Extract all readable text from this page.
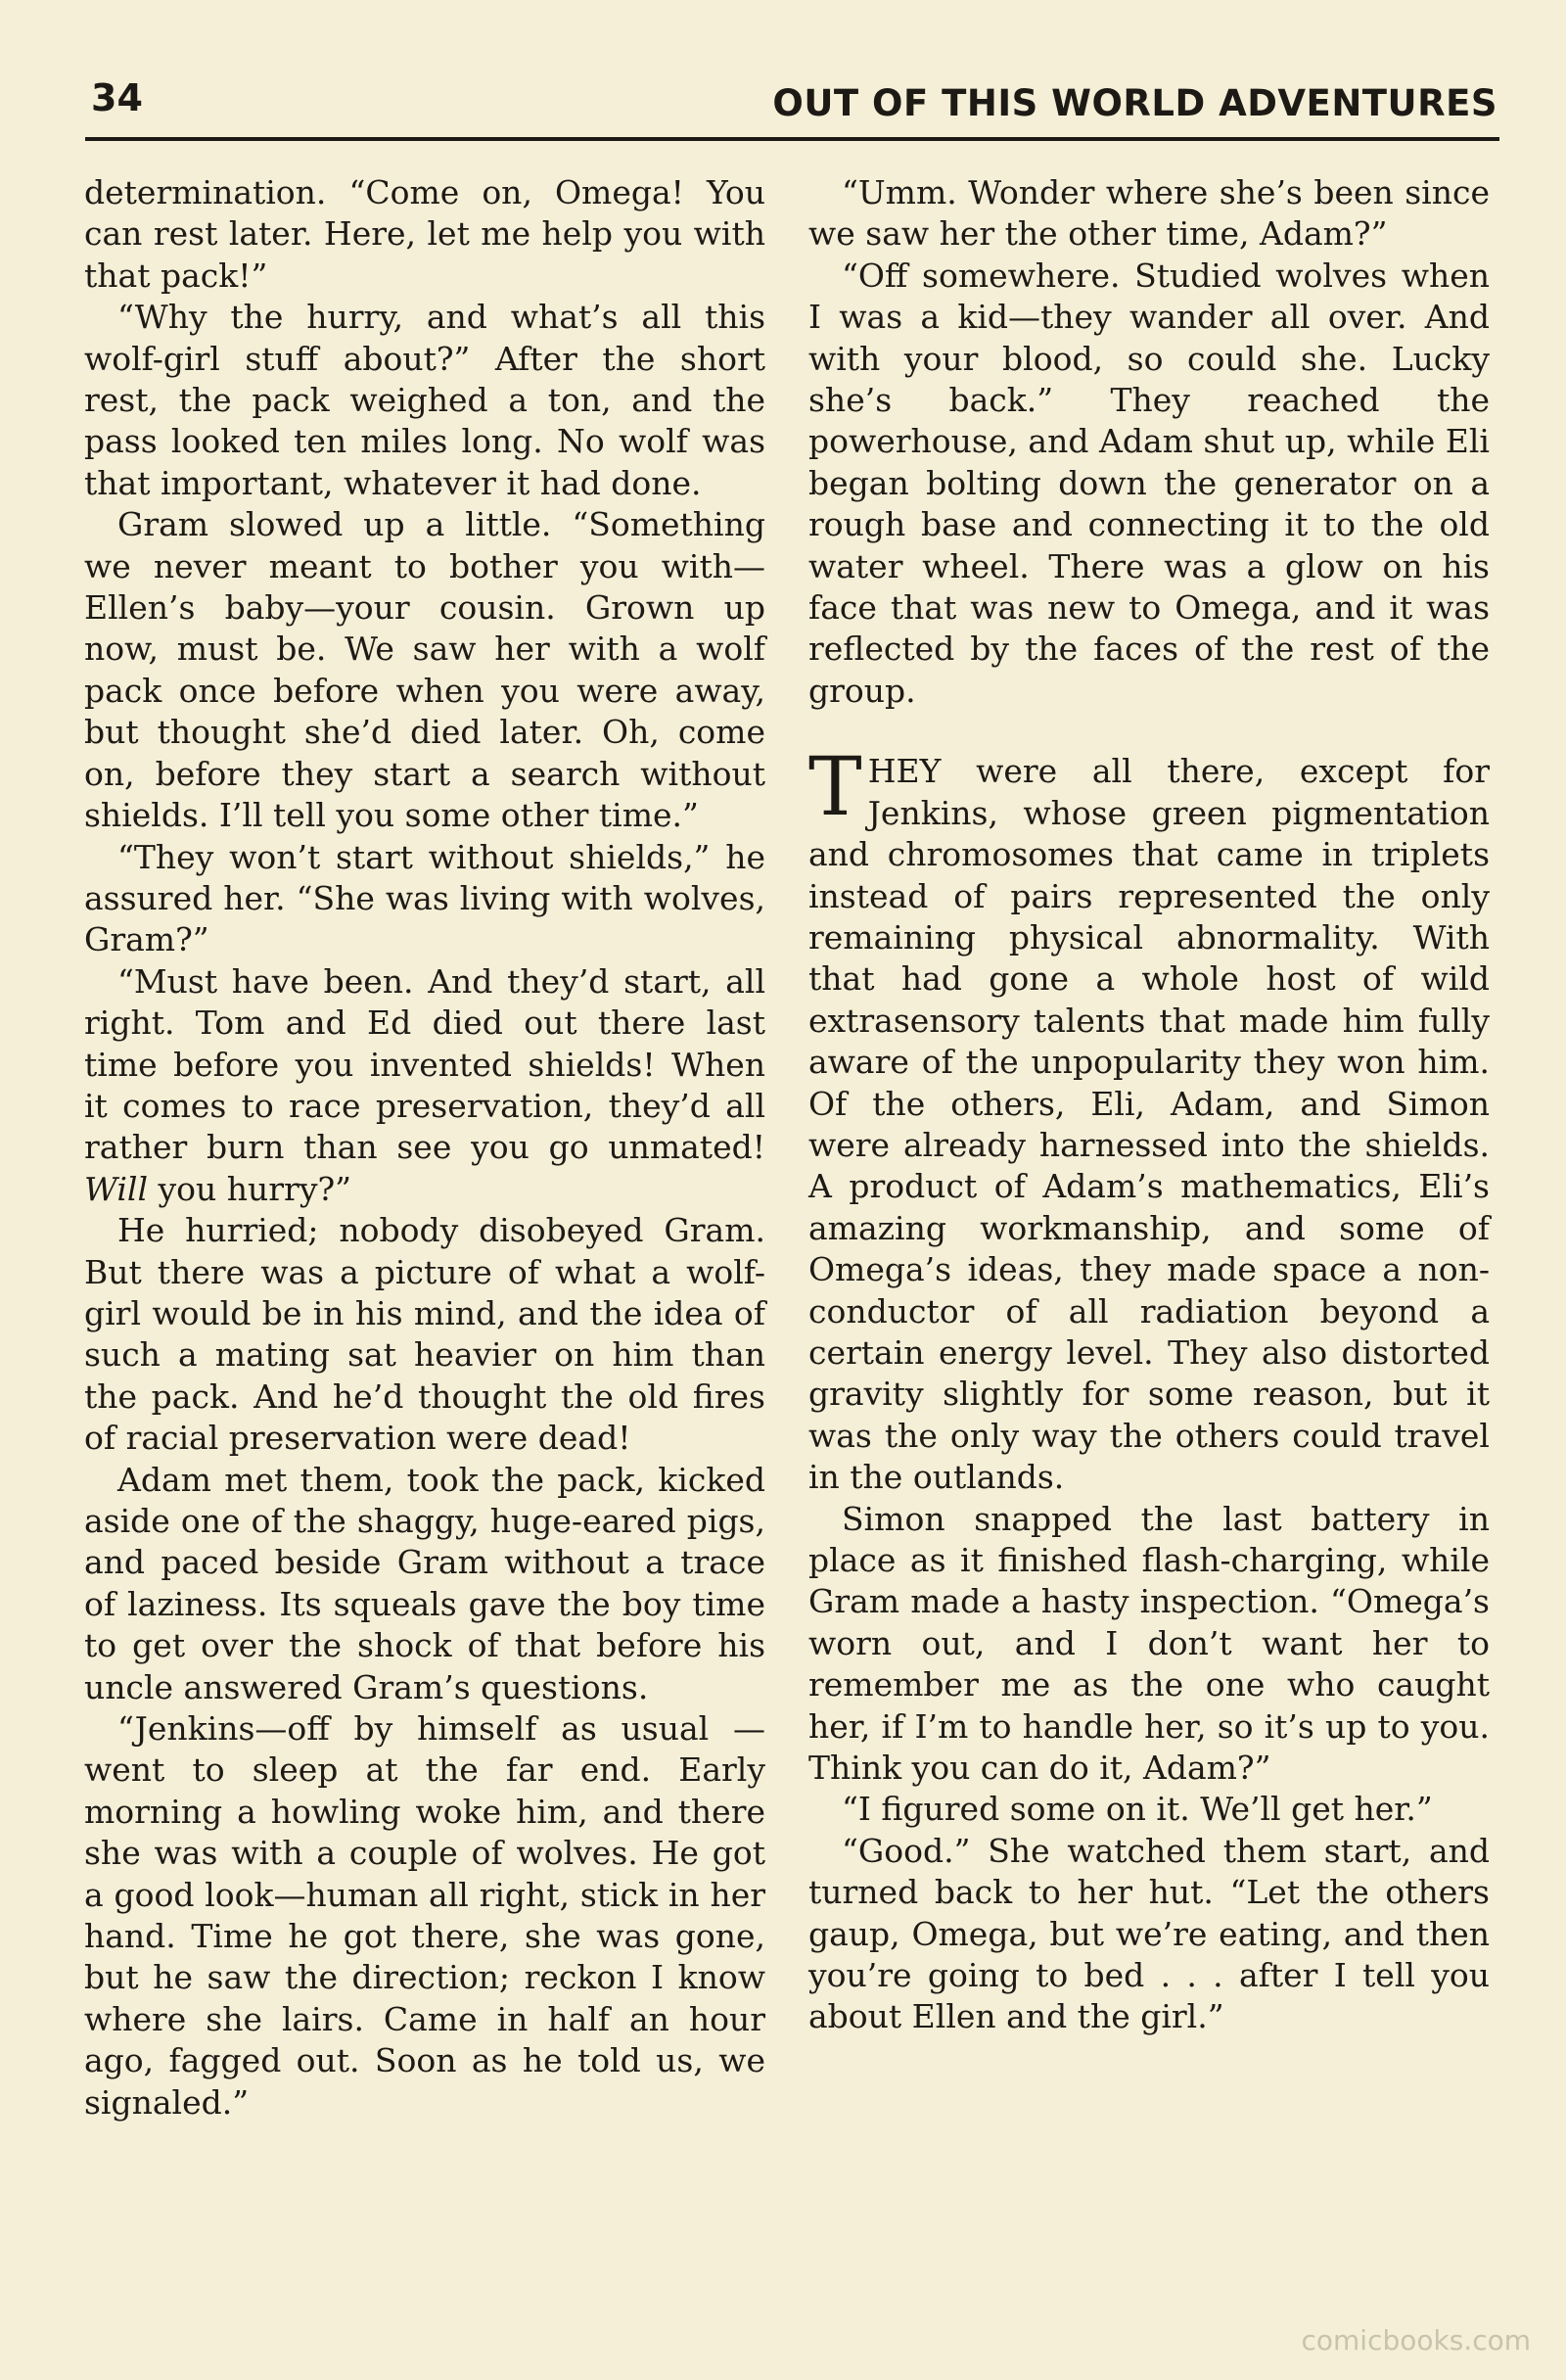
34	OUT OF THIS WORLD ADVENTURES

determination. “Come on, Omega! You can rest later. Here, let me help you with that pack!”

“Why the hurry, and what’s all this wolf-girl stuff about?” After the short rest, the pack weighed a ton, and the pass looked ten miles long. No wolf was that important, whatever it had done.

Gram slowed up a little. “Something we never meant to bother you with—Ellen’s baby—your cousin. Grown up now, must be. We saw her with a wolf pack once before when you were away, but thought she’d died later. Oh, come on, before they start a search without shields. I’ll tell you some other time.”

“They won’t start without shields,” he assured her. “She was living with wolves, Gram?”

“Must have been. And they’d start, all right. Tom and Ed died out there last time before you invented shields! When it comes to race preservation, they’d all rather burn than see you go unmated! Will you hurry?”

He hurried; nobody disobeyed Gram. But there was a picture of what a wolf-girl would be in his mind, and the idea of such a mating sat heavier on him than the pack. And he’d thought the old fires of racial preservation were dead!

Adam met them, took the pack, kicked aside one of the shaggy, huge-eared pigs, and paced beside Gram without a trace of laziness. Its squeals gave the boy time to get over the shock of that before his uncle answered Gram’s questions.

“Jenkins—off by himself as usual —went to sleep at the far end. Early morning a howling woke him, and there she was with a couple of wolves. He got a good look—human all right, stick in her hand. Time he got there, she was gone, but he saw the direction; reckon I know where she lairs. Came in half an hour ago, fagged out. Soon as he told us, we signaled.”

“Umm. Wonder where she’s been since we saw her the other time, Adam?”

“Off somewhere. Studied wolves when I was a kid—they wander all over. And with your blood, so could she. Lucky she’s back.” They reached the powerhouse, and Adam shut up, while Eli began bolting down the generator on a rough base and connecting it to the old water wheel. There was a glow on his face that was new to Omega, and it was reflected by the faces of the rest of the group.

THEY were all there, except for Jenkins, whose green pigmentation and chromosomes that came in triplets instead of pairs represented the only remaining physical abnormality. With that had gone a whole host of wild extrasensory talents that made him fully aware of the unpopularity they won him. Of the others, Eli, Adam, and Simon were already harnessed into the shields. A product of Adam’s mathematics, Eli’s amazing workmanship, and some of Omega’s ideas, they made space a non-conductor of all radiation beyond a certain energy level. They also distorted gravity slightly for some reason, but it was the only way the others could travel in the outlands.

Simon snapped the last battery in place as it finished flash-charging, while Gram made a hasty inspection. “Omega’s worn out, and I don’t want her to remember me as the one who caught her, if I’m to handle her, so it’s up to you. Think you can do it, Adam?”

“I figured some on it. We’ll get her.”

“Good.” She watched them start, and turned back to her hut. “Let the others gaup, Omega, but we’re eating, and then you’re going to bed . . . after I tell you about Ellen and the girl.”

comicbooks.com
